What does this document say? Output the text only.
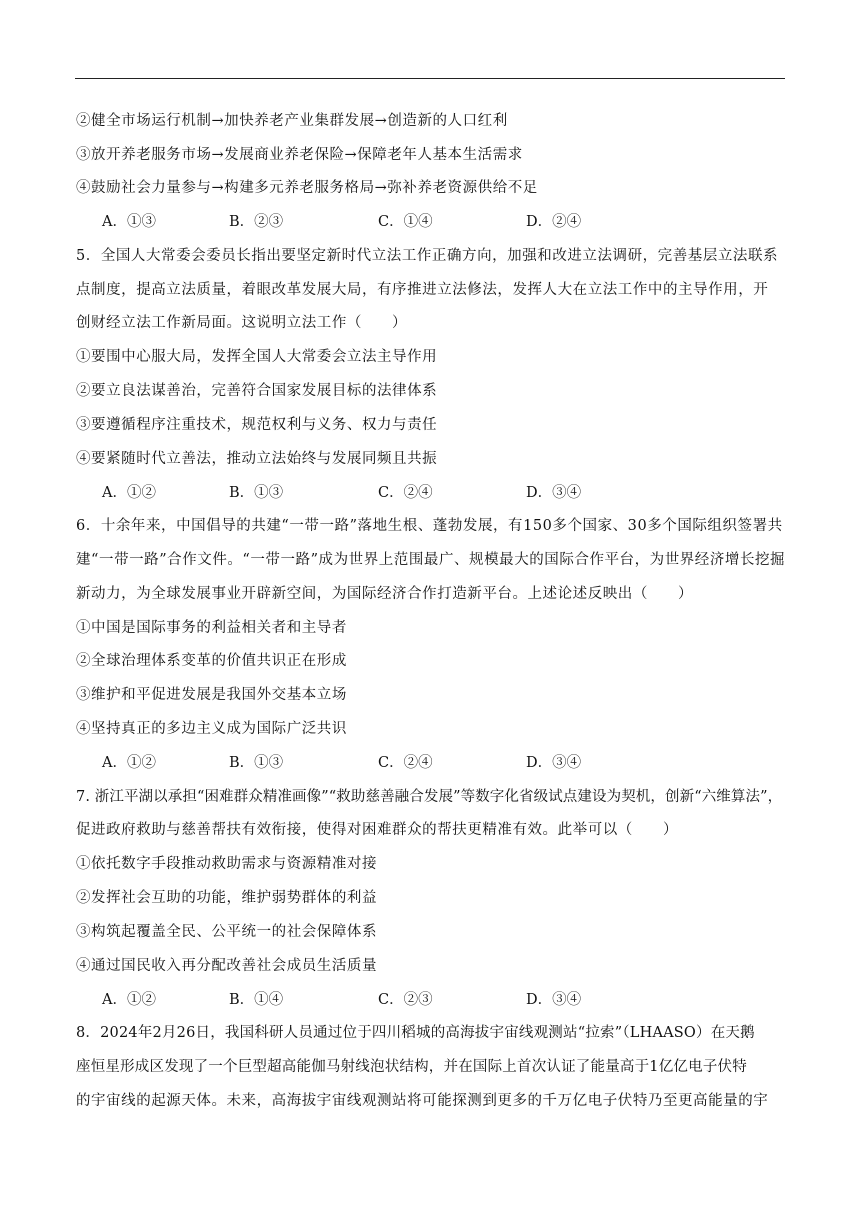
②健全市场运行机制→加快养老产业集群发展→创造新的人口红利
③放开养老服务市场→发展商业养老保险→保障老年人基本生活需求
④鼓励社会力量参与→构建多元养老服务格局→弥补养老资源供给不足
A．①③	B．②③	C．①④	D．②④
5．全国人大常委会委员长指出要坚定新时代立法工作正确方向，加强和改进立法调研，完善基层立法联系
点制度，提高立法质量，着眼改革发展大局，有序推进立法修法，发挥人大在立法工作中的主导作用，开
创财经立法工作新局面。这说明立法工作（　　）
①要围中心服大局，发挥全国人大常委会立法主导作用
②要立良法谋善治，完善符合国家发展目标的法律体系
③要遵循程序注重技术，规范权利与义务、权力与责任
④要紧随时代立善法，推动立法始终与发展同频且共振
A．①②	B．①③	C．②④	D．③④
6．十余年来，中国倡导的共建“一带一路”落地生根、蓬勃发展，有150多个国家、30多个国际组织签署共
建“一带一路”合作文件。“一带一路”成为世界上范围最广、规模最大的国际合作平台，为世界经济增长挖掘
新动力，为全球发展事业开辟新空间，为国际经济合作打造新平台。上述论述反映出（　　）
①中国是国际事务的利益相关者和主导者
②全球治理体系变革的价值共识正在形成
③维护和平促进发展是我国外交基本立场
④坚持真正的多边主义成为国际广泛共识
A．①②	B．①③	C．②④	D．③④
7. 浙江平湖以承担“困难群众精准画像”“救助慈善融合发展”等数字化省级试点建设为契机，创新“六维算法”，
促进政府救助与慈善帮扶有效衔接，使得对困难群众的帮扶更精准有效。此举可以（　　）
①依托数字手段推动救助需求与资源精准对接
②发挥社会互助的功能，维护弱势群体的利益
③构筑起覆盖全民、公平统一的社会保障体系
④通过国民收入再分配改善社会成员生活质量
A．①②	B．①④	C．②③	D．③④
8．2024年2月26日，我国科研人员通过位于四川稻城的高海拔宇宙线观测站“拉索”（LHAASO）在天鹅
座恒星形成区发现了一个巨型超高能伽马射线泡状结构，并在国际上首次认证了能量高于1亿亿电子伏特
的宇宙线的起源天体。未来，高海拔宇宙线观测站将可能探测到更多的千万亿电子伏特乃至更高能量的宇
